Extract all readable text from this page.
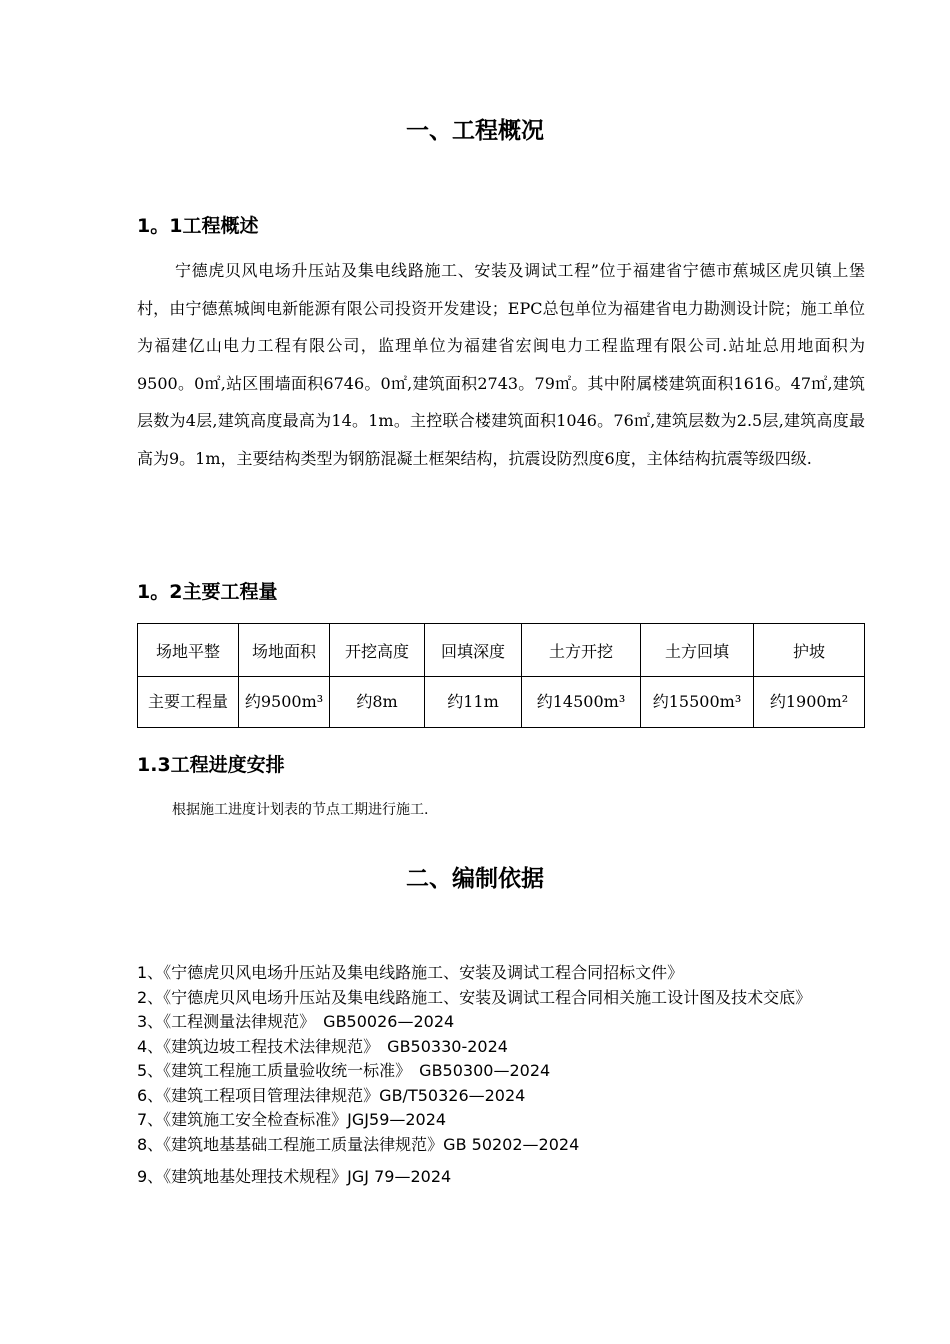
一、工程概况
1。1工程概述

宁德虎贝风电场升压站及集电线路施工、安装及调试工程”位于福建省宁德市蕉城区虎贝镇上堡村，由宁德蕉城闽电新能源有限公司投资开发建设；EPC总包单位为福建省电力勘测设计院；施工单位为福建亿山电力工程有限公司，监理单位为福建省宏闽电力工程监理有限公司.站址总用地面积为9500。0㎡,站区围墙面积6746。0㎡,建筑面积2743。79㎡。其中附属楼建筑面积1616。47㎡,建筑层数为4层,建筑高度最高为14。1m。主控联合楼建筑面积1046。76㎡,建筑层数为2.5层,建筑高度最高为9。1m，主要结构类型为钢筋混凝土框架结构，抗震设防烈度6度，主体结构抗震等级四级.

1。2主要工程量
场地平整	场地面积	开挖高度	回填深度	土方开挖	土方回填	护坡
主要工程量	约9500m³	约8m	约11m	约14500m³	约15500m³	约1900m²
1.3工程进度安排
根据施工进度计划表的节点工期进行施工.
二、编制依据
1、《宁德虎贝风电场升压站及集电线路施工、安装及调试工程合同招标文件》
2、《宁德虎贝风电场升压站及集电线路施工、安装及调试工程合同相关施工设计图及技术交底》
3、《工程测量法律规范》　GB50026—2024
4、《建筑边坡工程技术法律规范》　GB50330-2024
5、《建筑工程施工质量验收统一标准》　GB50300—2024
6、《建筑工程项目管理法律规范》GB/T50326—2024
7、《建筑施工安全检查标准》JGJ59—2024
8、《建筑地基基础工程施工质量法律规范》GB 50202—2024
9、《建筑地基处理技术规程》JGJ 79—2024
